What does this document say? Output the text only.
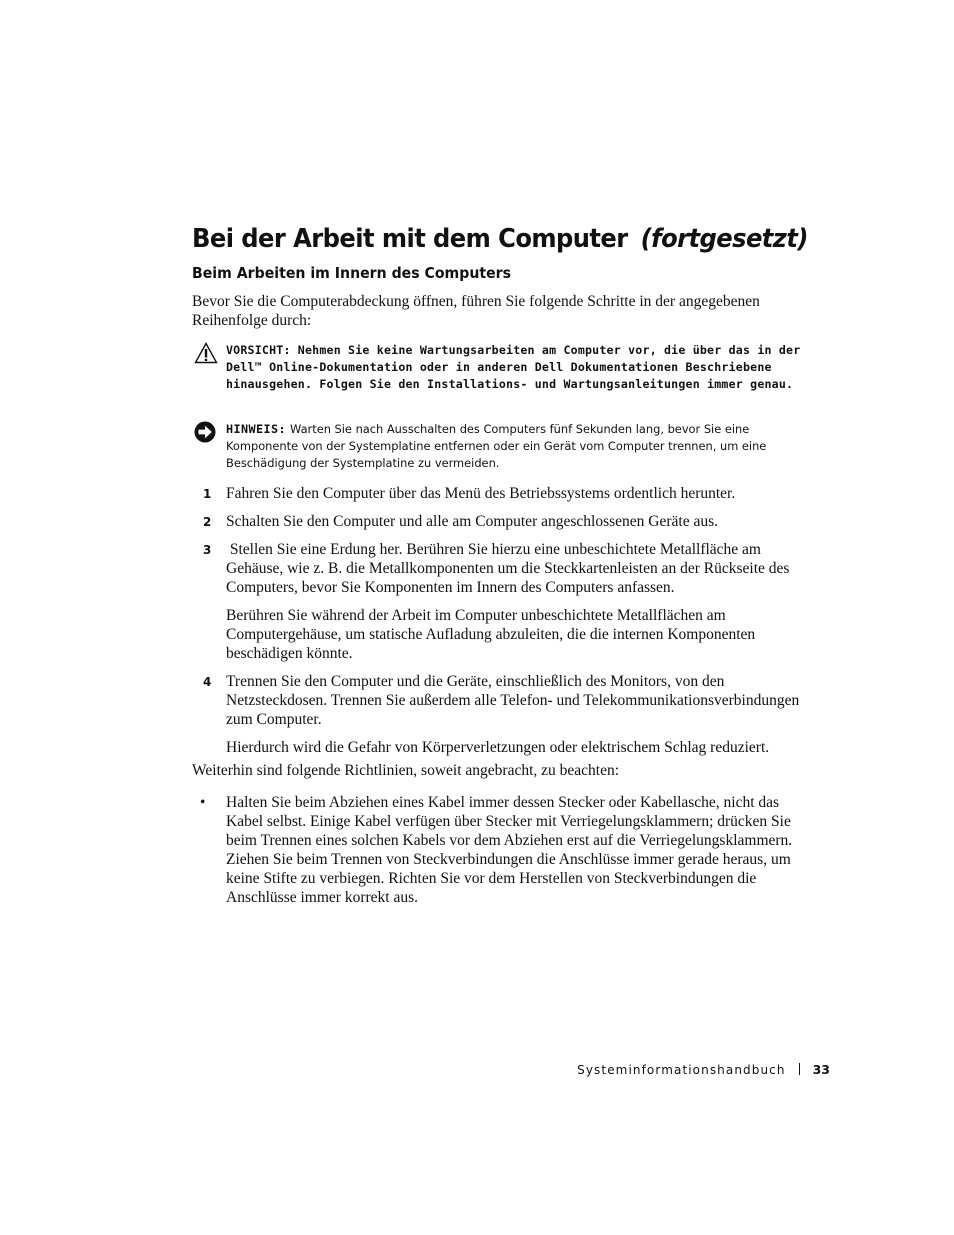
Bei der Arbeit mit dem Computer (fortgesetzt)
Beim Arbeiten im Innern des Computers

Bevor Sie die Computerabdeckung öffnen, führen Sie folgende Schritte in der angegebenen Reihenfolge durch:

VORSICHT: Nehmen Sie keine Wartungsarbeiten am Computer vor, die über das in der Dell™ Online-Dokumentation oder in anderen Dell Dokumentationen Beschriebene hinausgehen. Folgen Sie den Installations- und Wartungsanleitungen immer genau.
HINWEIS: Warten Sie nach Ausschalten des Computers fünf Sekunden lang, bevor Sie eine Komponente von der Systemplatine entfernen oder ein Gerät vom Computer trennen, um eine Beschädigung der Systemplatine zu vermeiden.
1 Fahren Sie den Computer über das Menü des Betriebssystems ordentlich herunter.

2 Schalten Sie den Computer und alle am Computer angeschlossenen Geräte aus.

3 Stellen Sie eine Erdung her. Berühren Sie hierzu eine unbeschichtete Metallfläche am Gehäuse, wie z. B. die Metallkomponenten um die Steckkartenleisten an der Rückseite des Computers, bevor Sie Komponenten im Innern des Computers anfassen.

Berühren Sie während der Arbeit im Computer unbeschichtete Metallflächen am Computergehäuse, um statische Aufladung abzuleiten, die die internen Komponenten beschädigen könnte.

4 Trennen Sie den Computer und die Geräte, einschließlich des Monitors, von den Netzsteckdosen. Trennen Sie außerdem alle Telefon- und Telekommunikationsverbindungen zum Computer.

Hierdurch wird die Gefahr von Körperverletzungen oder elektrischem Schlag reduziert.

Weiterhin sind folgende Richtlinien, soweit angebracht, zu beachten:

• Halten Sie beim Abziehen eines Kabel immer dessen Stecker oder Kabellasche, nicht das Kabel selbst. Einige Kabel verfügen über Stecker mit Verriegelungsklammern; drücken Sie beim Trennen eines solchen Kabels vor dem Abziehen erst auf die Verriegelungsklammern. Ziehen Sie beim Trennen von Steckverbindungen die Anschlüsse immer gerade heraus, um keine Stifte zu verbiegen. Richten Sie vor dem Herstellen von Steckverbindungen die Anschlüsse immer korrekt aus.
Systeminformationshandbuch 33
